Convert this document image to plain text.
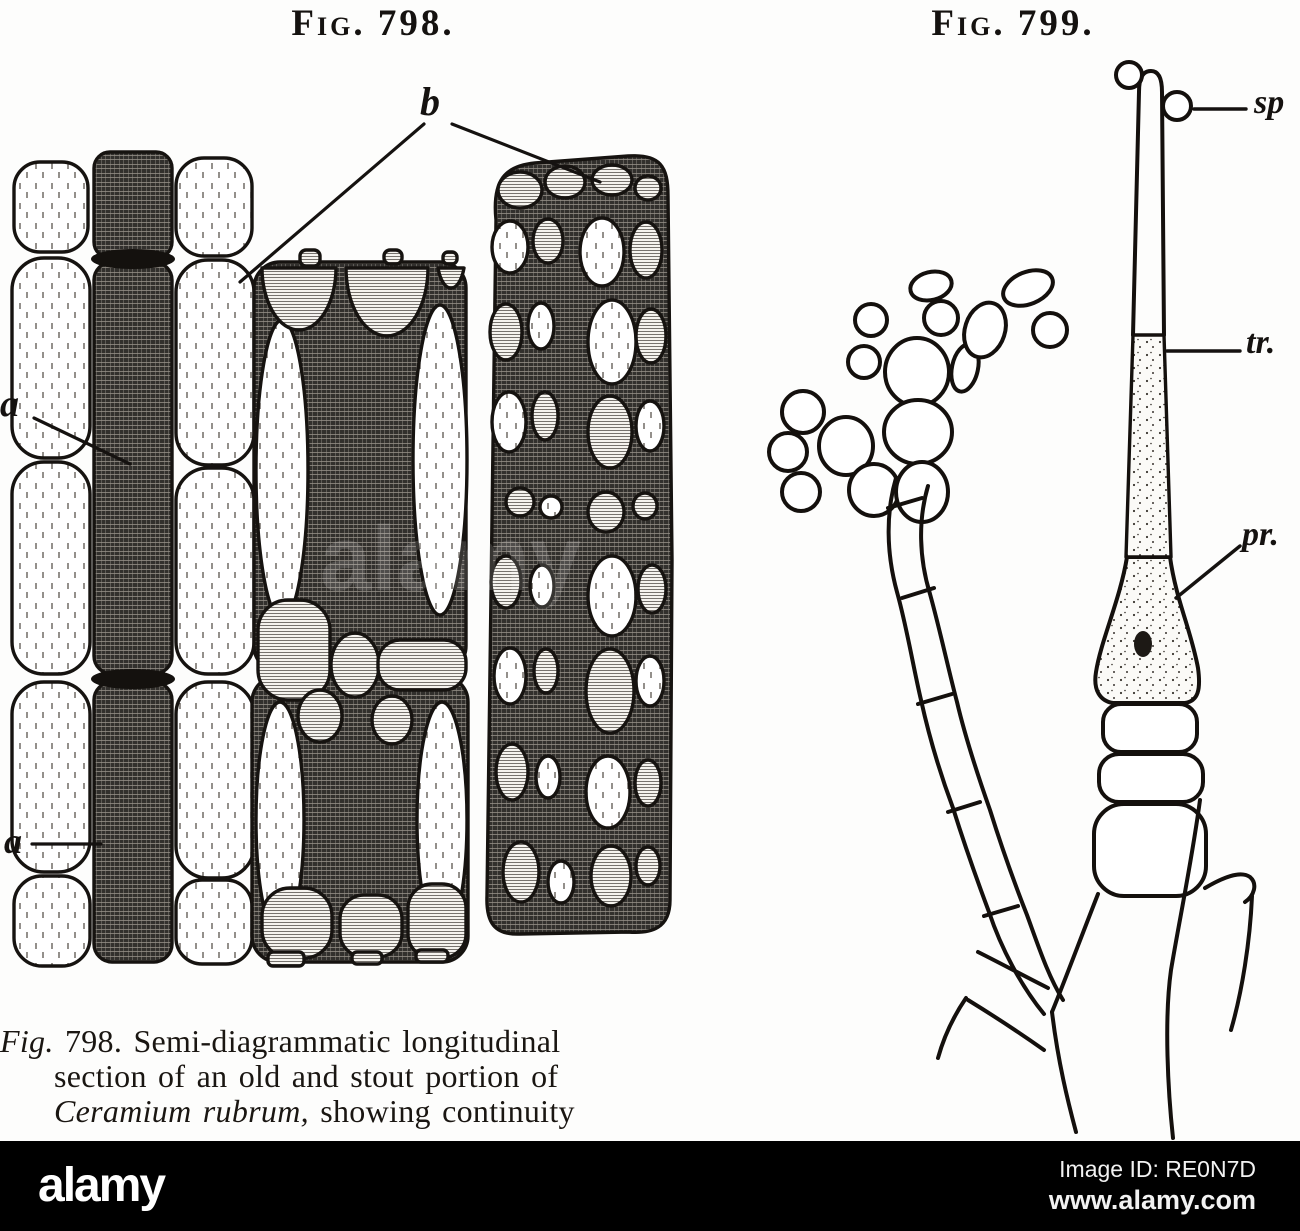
alamy
Fig. 798.	Fig. 799.
b
a
a
sp
tr.
pr.
Fig. 798. Semi-diagrammatic longitudinal
section of an old and stout portion of
Ceramium rubrum, showing continuity
alamy	Image ID: RE0N7D
www.alamy.com
